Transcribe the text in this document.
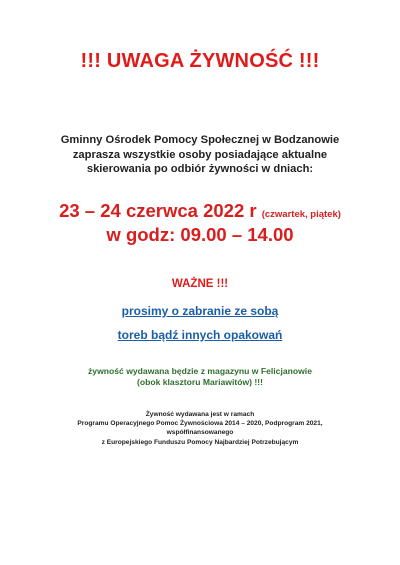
!!! UWAGA ŻYWNOŚĆ !!!
Gminny Ośrodek Pomocy Społecznej w Bodzanowie
zaprasza wszystkie osoby posiadające aktualne
skierowania po odbiór żywności w dniach:
23 – 24 czerwca 2022 r (czwartek, piątek)
w godz: 09.00 – 14.00
WAŻNE !!!
prosimy o zabranie ze sobą
toreb bądź innych opakowań
żywność wydawana będzie z magazynu w Felicjanowie
(obok klasztoru Mariawitów) !!!
Żywność wydawana jest w ramach
Programu Operacyjnego Pomoc Żywnościowa 2014 – 2020, Podprogram 2021,
współfinansowanego
z Europejskiego Funduszu Pomocy Najbardziej Potrzebującym
